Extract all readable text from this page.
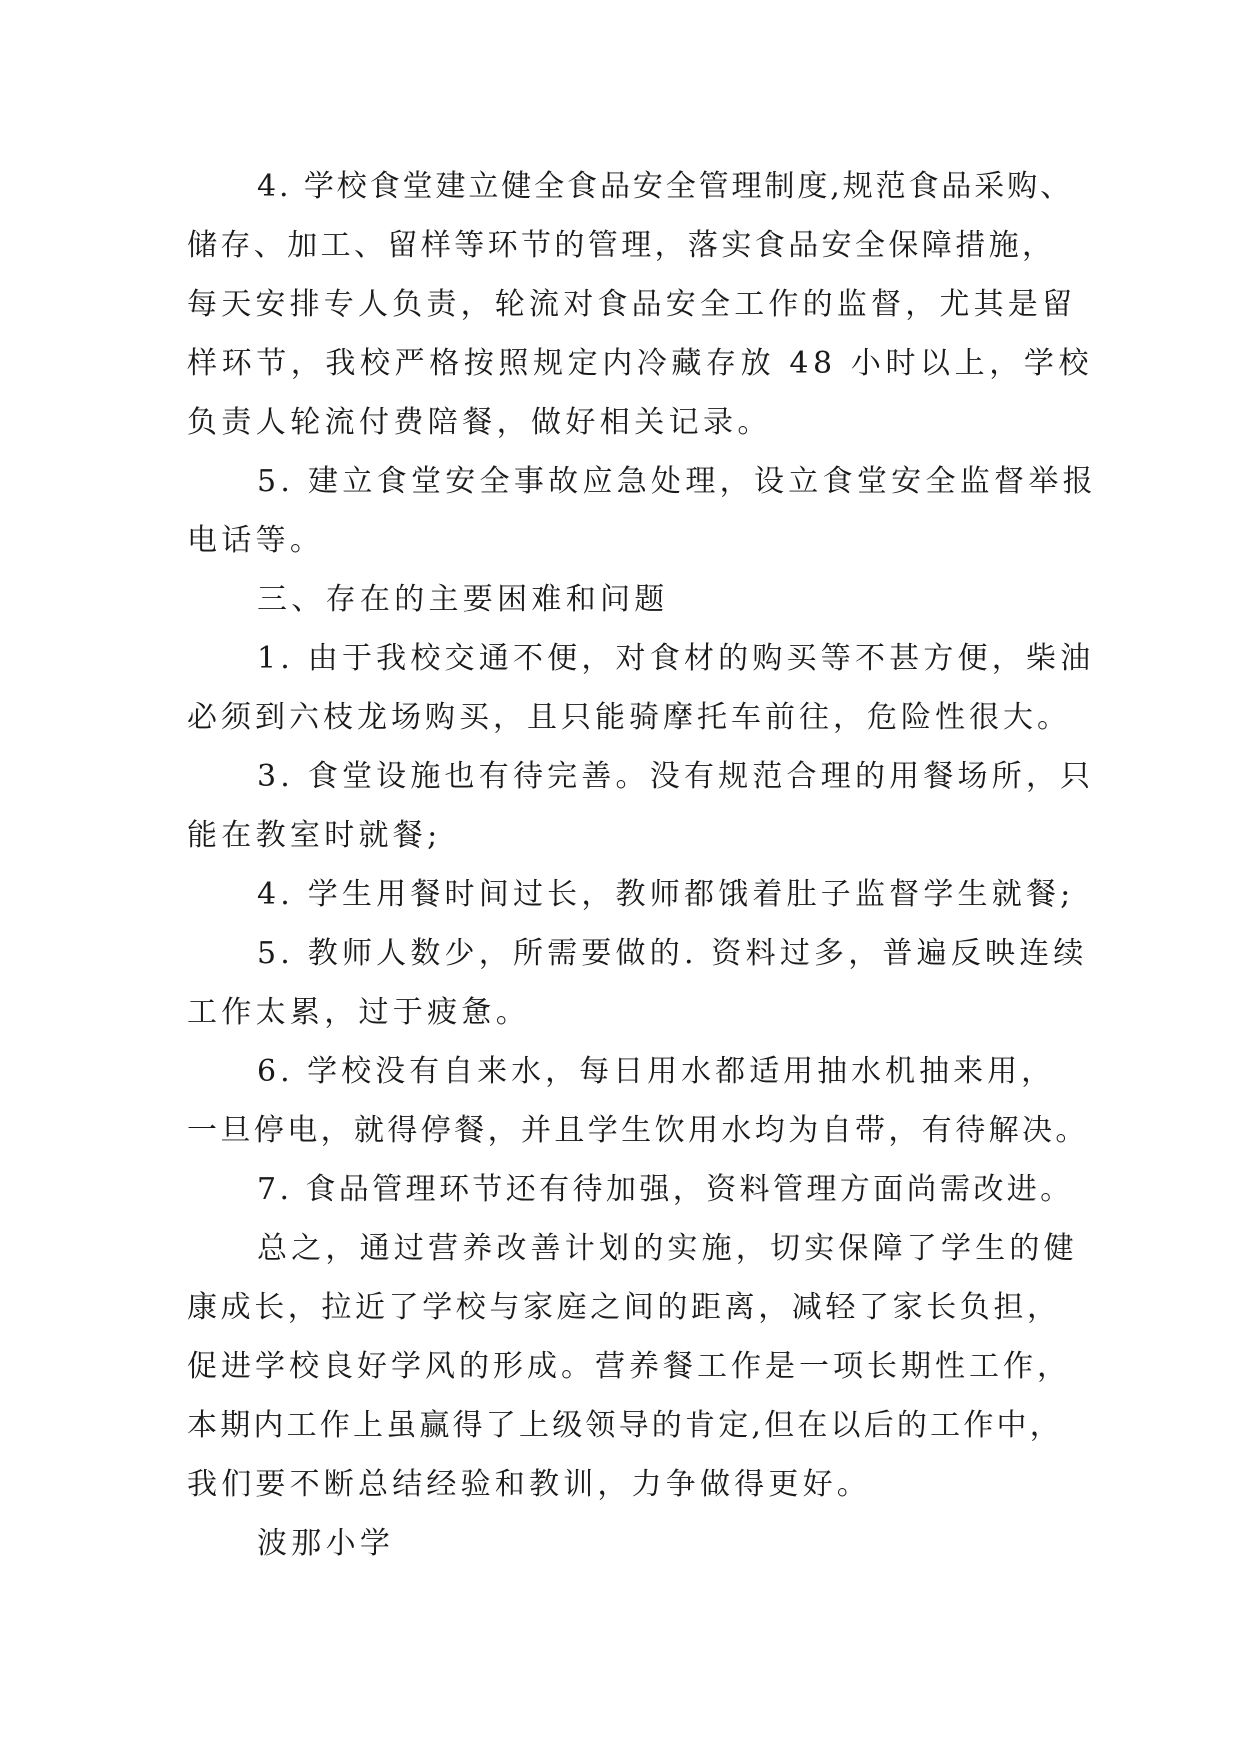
4. 学校食堂建立健全食品安全管理制度,规范食品采购、

储存、加工、留样等环节的管理，落实食品安全保障措施，

每天安排专人负责，轮流对食品安全工作的监督，尤其是留

样环节，我校严格按照规定内冷藏存放 48 小时以上，学校

负责人轮流付费陪餐，做好相关记录。

5. 建立食堂安全事故应急处理，设立食堂安全监督举报

电话等。

三、存在的主要困难和问题

1. 由于我校交通不便，对食材的购买等不甚方便，柴油

必须到六枝龙场购买，且只能骑摩托车前往，危险性很大。

3. 食堂设施也有待完善。没有规范合理的用餐场所，只

能在教室时就餐;

4. 学生用餐时间过长，教师都饿着肚子监督学生就餐;

5. 教师人数少，所需要做的. 资料过多，普遍反映连续

工作太累，过于疲惫。

6. 学校没有自来水，每日用水都适用抽水机抽来用，

一旦停电，就得停餐，并且学生饮用水均为自带，有待解决。

7. 食品管理环节还有待加强，资料管理方面尚需改进。

总之，通过营养改善计划的实施，切实保障了学生的健

康成长，拉近了学校与家庭之间的距离，减轻了家长负担，

促进学校良好学风的形成。营养餐工作是一项长期性工作，

本期内工作上虽赢得了上级领导的肯定,但在以后的工作中，

我们要不断总结经验和教训，力争做得更好。

波那小学
